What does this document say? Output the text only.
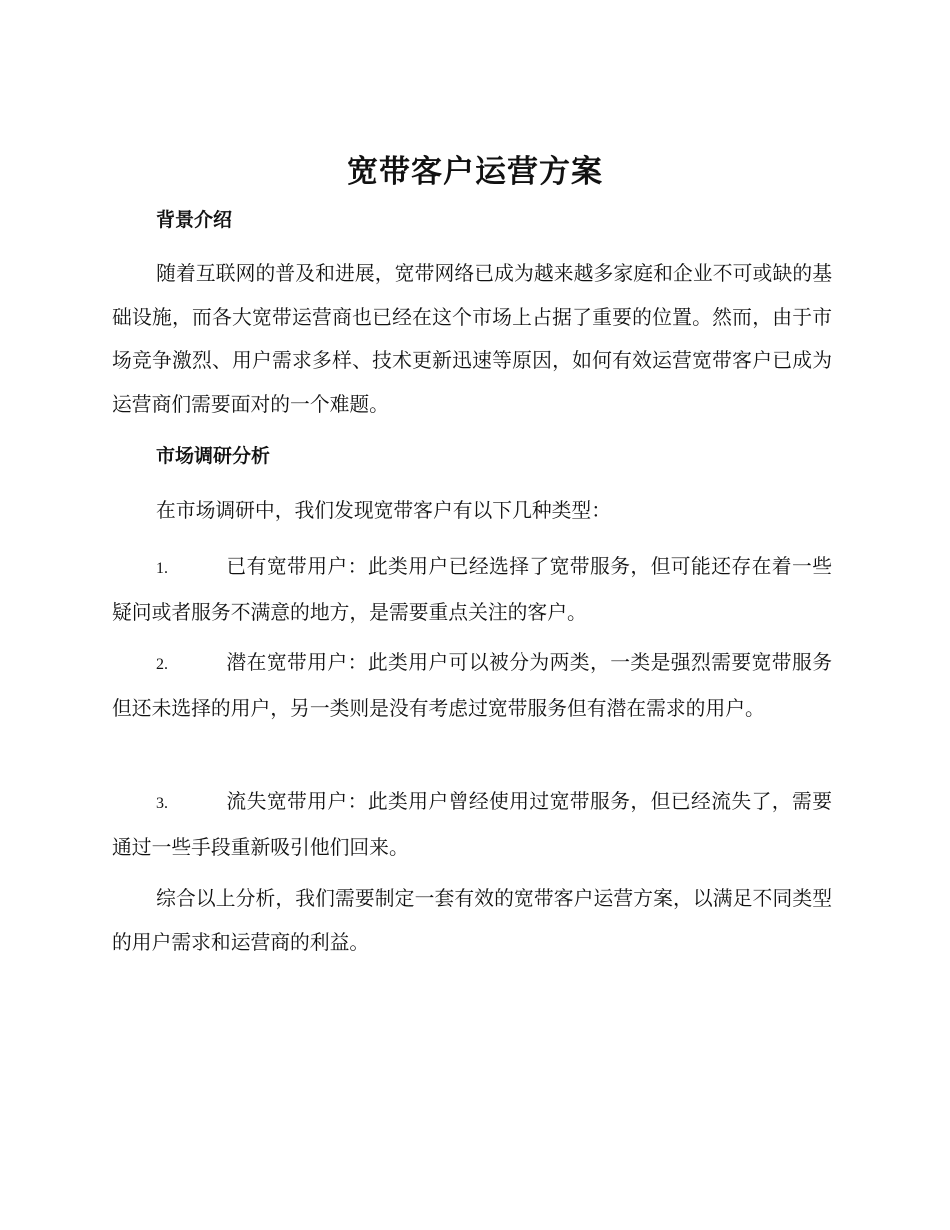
宽带客户运营方案
背景介绍
随着互联网的普及和进展，宽带网络已成为越来越多家庭和企业不可或缺的基础设施，而各大宽带运营商也已经在这个市场上占据了重要的位置。然而，由于市场竞争激烈、用户需求多样、技术更新迅速等原因，如何有效运营宽带客户已成为运营商们需要面对的一个难题。
市场调研分析
在市场调研中，我们发现宽带客户有以下几种类型：
1.	已有宽带用户：此类用户已经选择了宽带服务，但可能还存在着一些疑问或者服务不满意的地方，是需要重点关注的客户。
2.	潜在宽带用户：此类用户可以被分为两类，一类是强烈需要宽带服务但还未选择的用户，另一类则是没有考虑过宽带服务但有潜在需求的用户。
3.	流失宽带用户：此类用户曾经使用过宽带服务，但已经流失了，需要通过一些手段重新吸引他们回来。
综合以上分析，我们需要制定一套有效的宽带客户运营方案，以满足不同类型的用户需求和运营商的利益。
